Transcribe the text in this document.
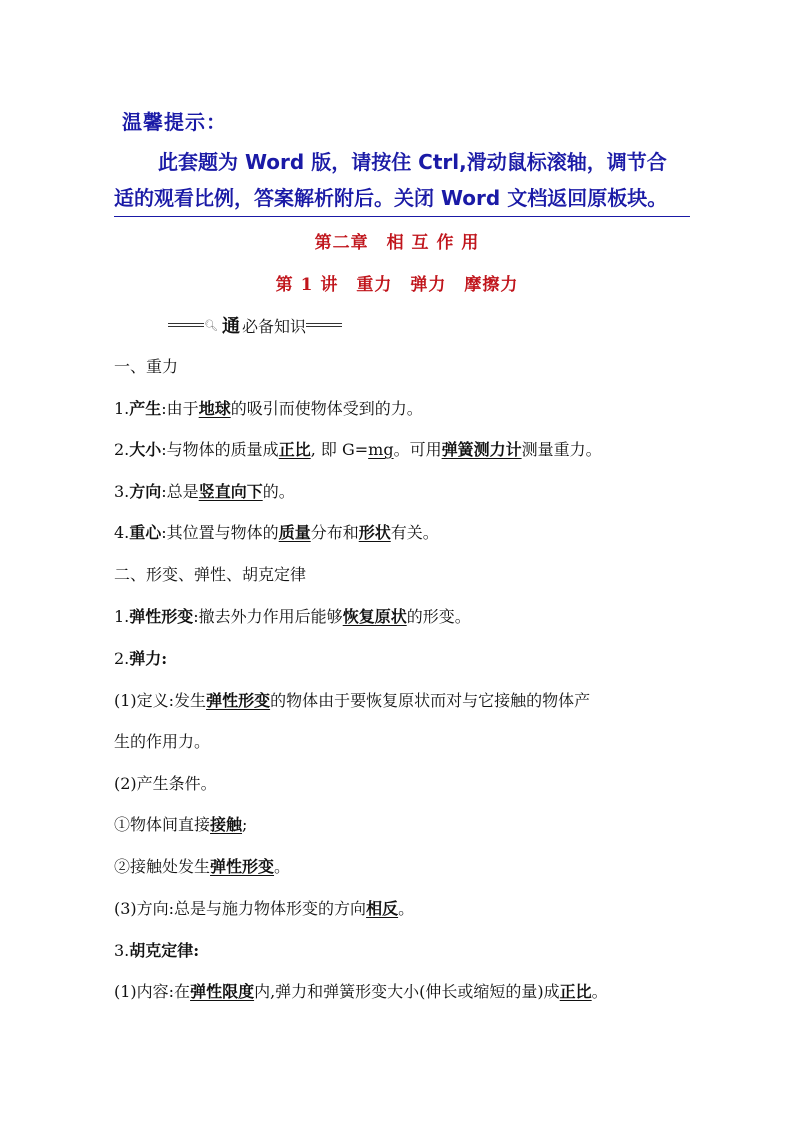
温馨提示：
此套题为 Word 版，请按住 Ctrl,滑动鼠标滚轴，调节合
适的观看比例，答案解析附后。关闭 Word 文档返回原板块。
第二章　相 互 作 用
第 1 讲　重力　弹力　摩擦力
🔍︎ 通 必备知识
一、重力
1.产生:由于地球的吸引而使物体受到的力。
2.大小:与物体的质量成正比, 即 G=mg。可用弹簧测力计测量重力。
3.方向:总是竖直向下的。
4.重心:其位置与物体的质量分布和形状有关。
二、形变、弹性、胡克定律
1.弹性形变:撤去外力作用后能够恢复原状的形变。
2.弹力:
(1)定义:发生弹性形变的物体由于要恢复原状而对与它接触的物体产
生的作用力。
(2)产生条件。
①物体间直接接触;
②接触处发生弹性形变。
(3)方向:总是与施力物体形变的方向相反。
3.胡克定律:
(1)内容:在弹性限度内,弹力和弹簧形变大小(伸长或缩短的量)成正比。
